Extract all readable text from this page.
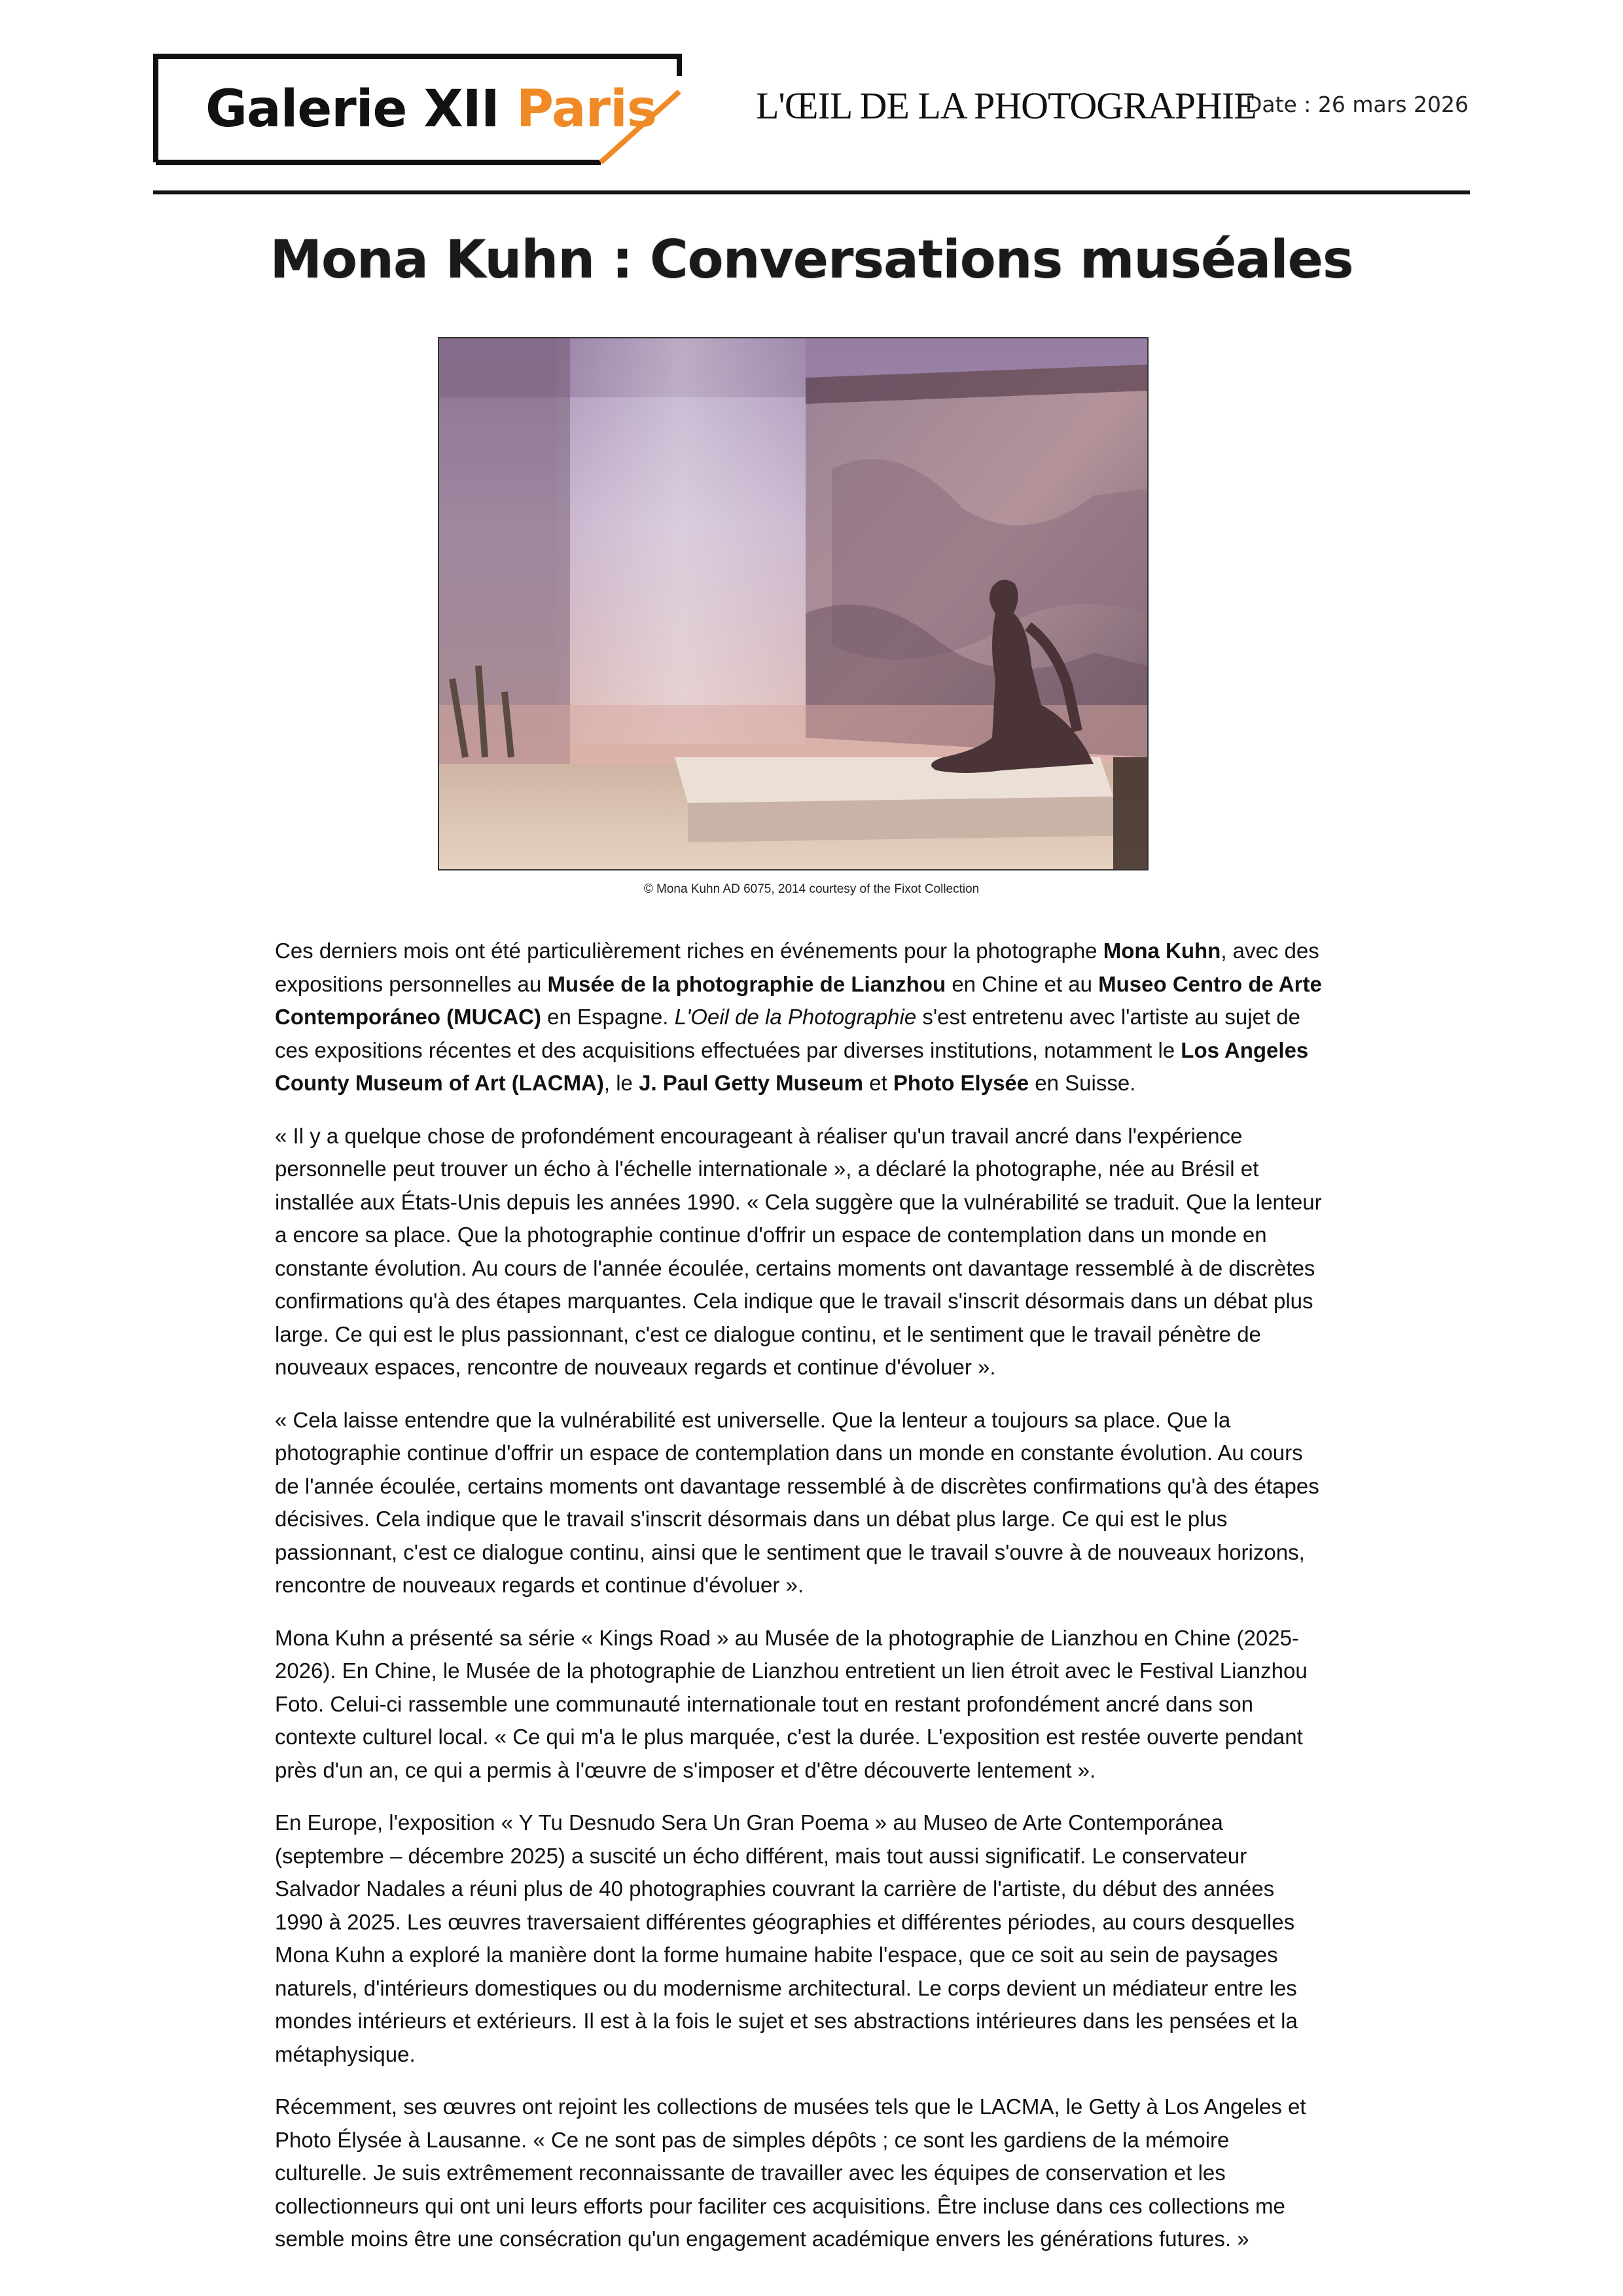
Galerie XII Paris	L'ŒIL DE LA PHOTOGRAPHIE
Date : 26 mars 2026
Mona Kuhn : Conversations muséales
© Mona Kuhn AD 6075, 2014 courtesy of the Fixot Collection

Ces derniers mois ont été particulièrement riches en événements pour la photographe Mona Kuhn, avec des expositions personnelles au Musée de la photographie de Lianzhou en Chine et au Museo Centro de Arte Contemporáneo (MUCAC) en Espagne. L'Oeil de la Photographie s'est entretenu avec l'artiste au sujet de ces expositions récentes et des acquisitions effectuées par diverses institutions, notamment le Los Angeles County Museum of Art (LACMA), le J. Paul Getty Museum et Photo Elysée en Suisse.

« Il y a quelque chose de profondément encourageant à réaliser qu'un travail ancré dans l'expérience personnelle peut trouver un écho à l'échelle internationale », a déclaré la photographe, née au Brésil et installée aux États-Unis depuis les années 1990. « Cela suggère que la vulnérabilité se traduit. Que la lenteur a encore sa place. Que la photographie continue d'offrir un espace de contemplation dans un monde en constante évolution. Au cours de l'année écoulée, certains moments ont davantage ressemblé à de discrètes confirmations qu'à des étapes marquantes. Cela indique que le travail s'inscrit désormais dans un débat plus large. Ce qui est le plus passionnant, c'est ce dialogue continu, et le sentiment que le travail pénètre de nouveaux espaces, rencontre de nouveaux regards et continue d'évoluer ».

« Cela laisse entendre que la vulnérabilité est universelle. Que la lenteur a toujours sa place. Que la photographie continue d'offrir un espace de contemplation dans un monde en constante évolution. Au cours de l'année écoulée, certains moments ont davantage ressemblé à de discrètes confirmations qu'à des étapes décisives. Cela indique que le travail s'inscrit désormais dans un débat plus large. Ce qui est le plus passionnant, c'est ce dialogue continu, ainsi que le sentiment que le travail s'ouvre à de nouveaux horizons, rencontre de nouveaux regards et continue d'évoluer ».

Mona Kuhn a présenté sa série « Kings Road » au Musée de la photographie de Lianzhou en Chine (2025-2026). En Chine, le Musée de la photographie de Lianzhou entretient un lien étroit avec le Festival Lianzhou Foto. Celui-ci rassemble une communauté internationale tout en restant profondément ancré dans son contexte culturel local. « Ce qui m'a le plus marquée, c'est la durée. L'exposition est restée ouverte pendant près d'un an, ce qui a permis à l'œuvre de s'imposer et d'être découverte lentement ».

En Europe, l'exposition « Y Tu Desnudo Sera Un Gran Poema » au Museo de Arte Contemporánea (septembre – décembre 2025) a suscité un écho différent, mais tout aussi significatif. Le conservateur Salvador Nadales a réuni plus de 40 photographies couvrant la carrière de l'artiste, du début des années 1990 à 2025. Les œuvres traversaient différentes géographies et différentes périodes, au cours desquelles Mona Kuhn a exploré la manière dont la forme humaine habite l'espace, que ce soit au sein de paysages naturels, d'intérieurs domestiques ou du modernisme architectural. Le corps devient un médiateur entre les mondes intérieurs et extérieurs. Il est à la fois le sujet et ses abstractions intérieures dans les pensées et la métaphysique.

Récemment, ses œuvres ont rejoint les collections de musées tels que le LACMA, le Getty à Los Angeles et Photo Élysée à Lausanne. « Ce ne sont pas de simples dépôts ; ce sont les gardiens de la mémoire culturelle. Je suis extrêmement reconnaissante de travailler avec les équipes de conservation et les collectionneurs qui ont uni leurs efforts pour faciliter ces acquisitions. Être incluse dans ces collections me semble moins être une consécration qu'un engagement académique envers les générations futures. »
